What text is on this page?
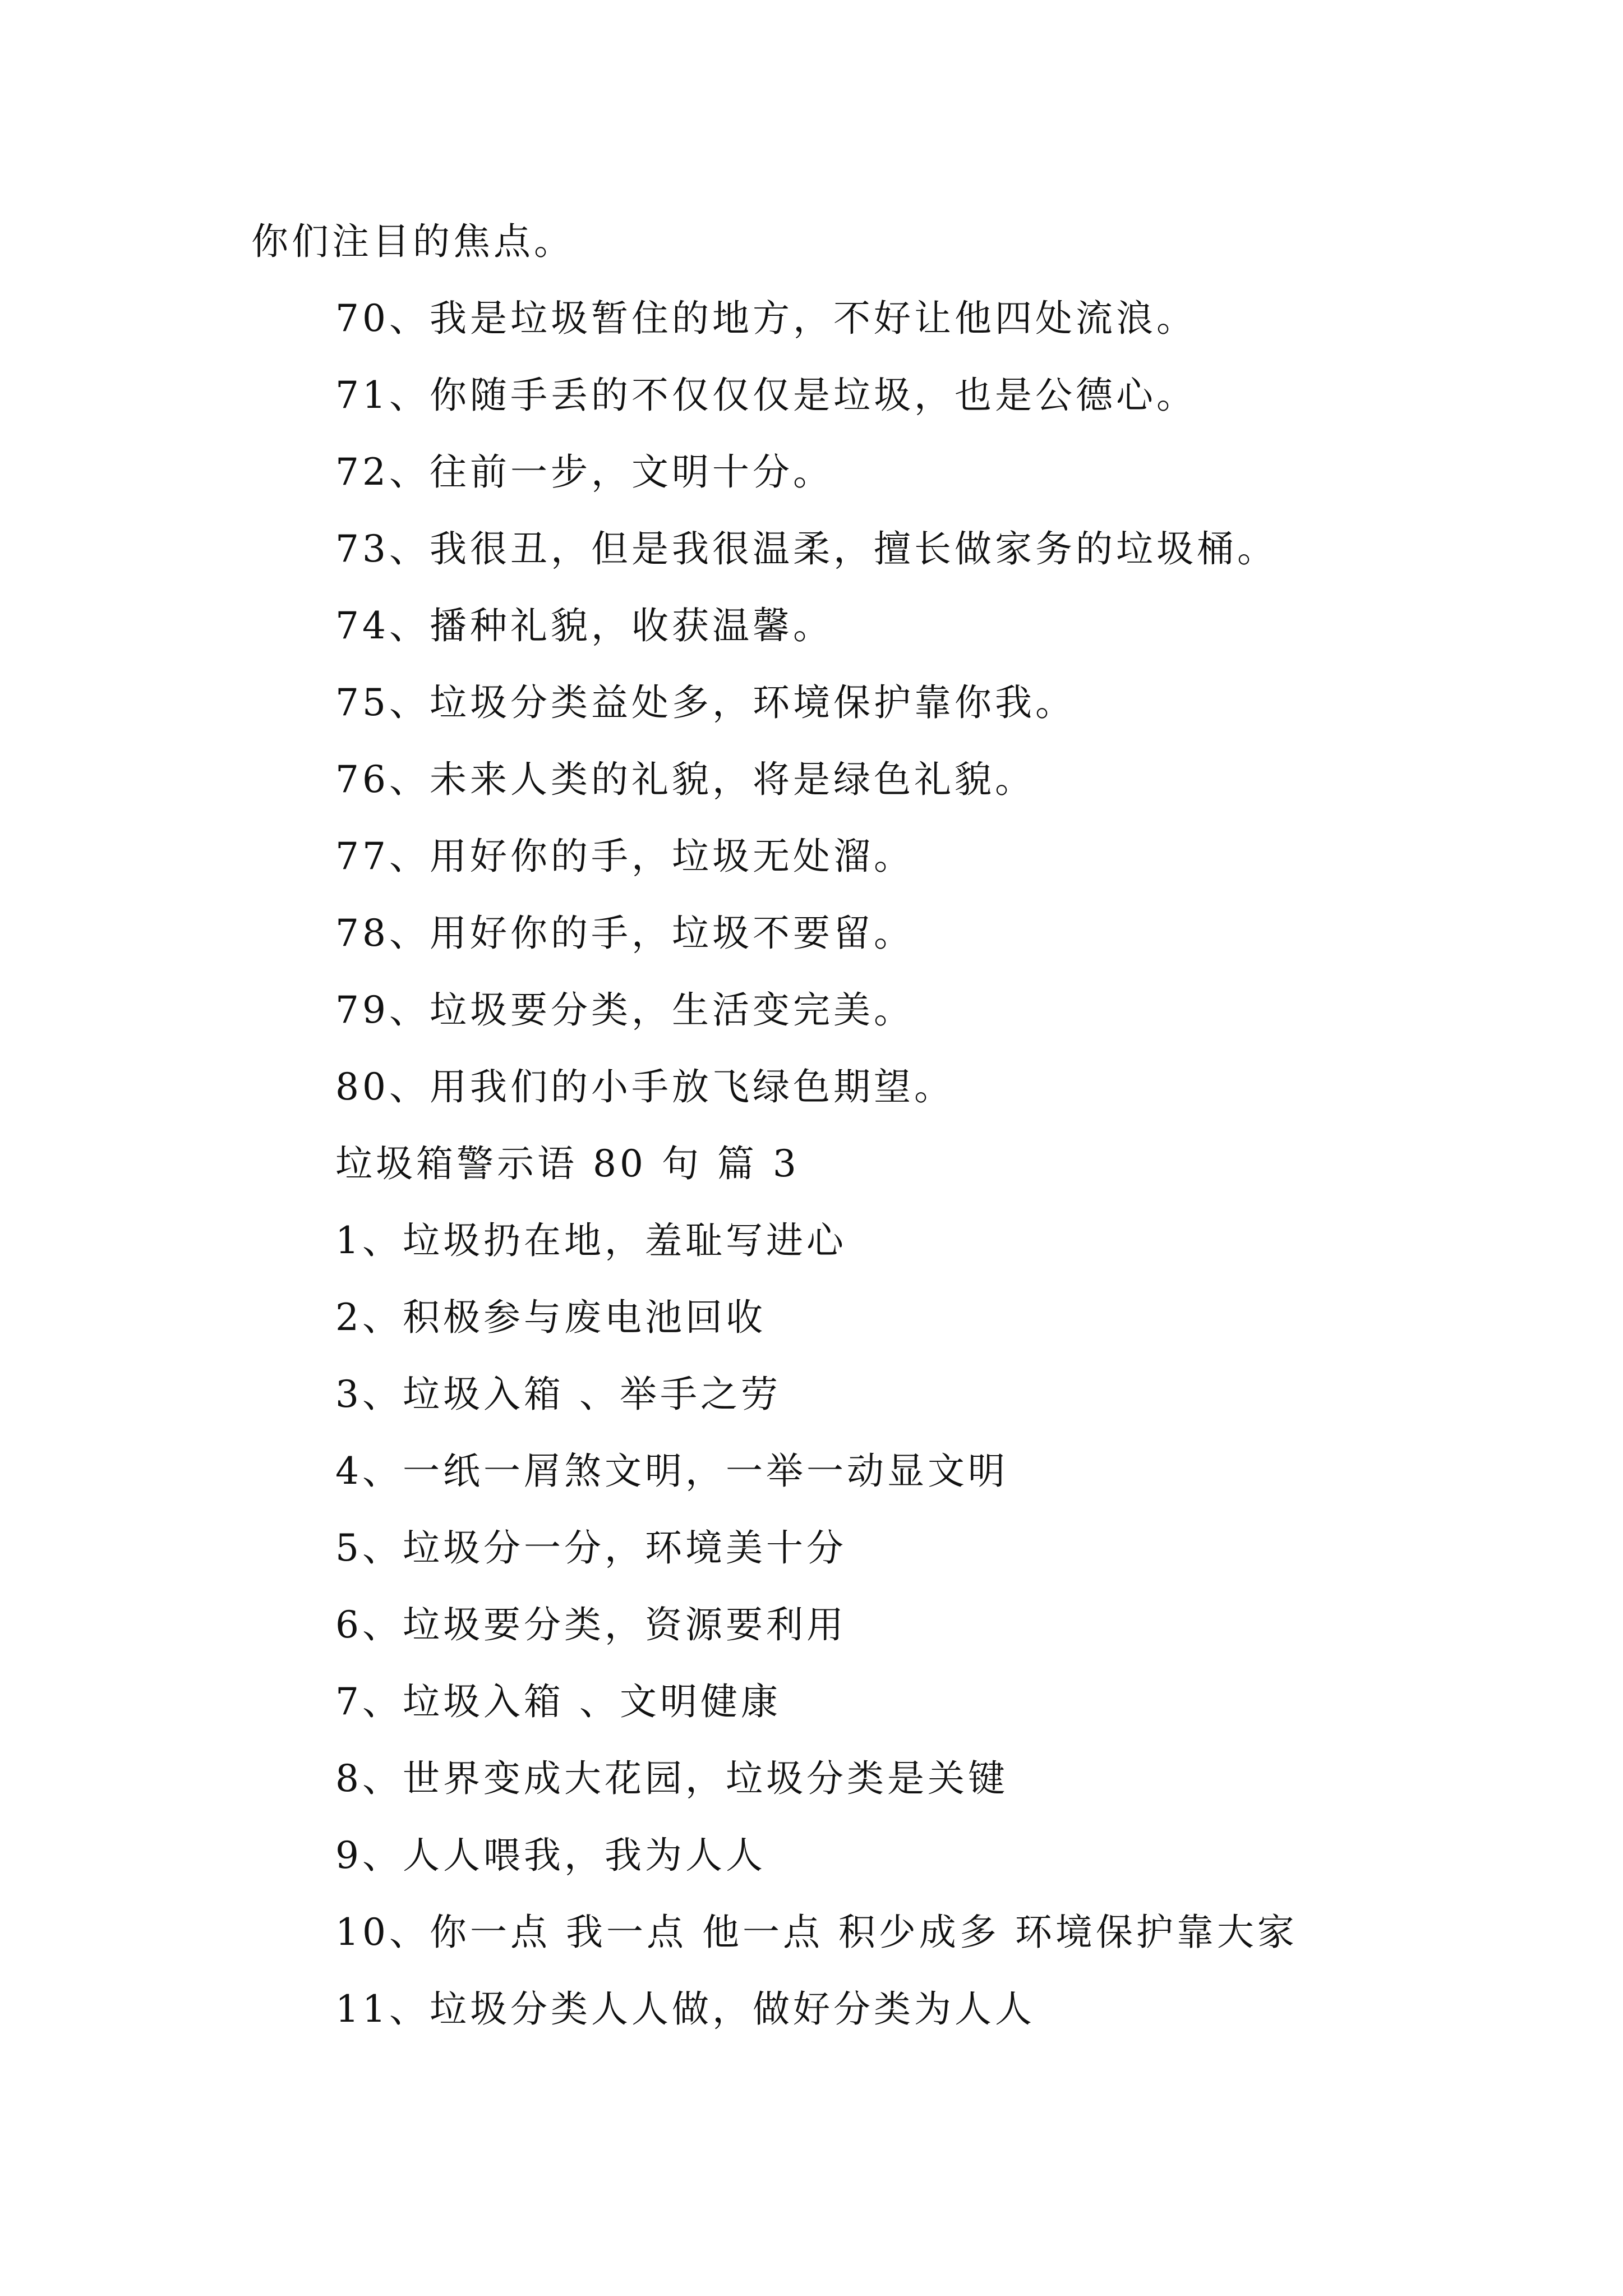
你们注目的焦点。
70、我是垃圾暂住的地方，不好让他四处流浪。
71、你随手丢的不仅仅仅是垃圾，也是公德心。
72、往前一步，文明十分。
73、我很丑，但是我很温柔，擅长做家务的垃圾桶。
74、播种礼貌，收获温馨。
75、垃圾分类益处多，环境保护靠你我。
76、未来人类的礼貌，将是绿色礼貌。
77、用好你的手，垃圾无处溜。
78、用好你的手，垃圾不要留。
79、垃圾要分类，生活变完美。
80、用我们的小手放飞绿色期望。
垃圾箱警示语 80 句 篇 3
1、垃圾扔在地，羞耻写进心
2、积极参与废电池回收
3、垃圾入箱 、举手之劳
4、一纸一屑煞文明，一举一动显文明
5、垃圾分一分，环境美十分
6、垃圾要分类，资源要利用
7、垃圾入箱 、文明健康
8、世界变成大花园，垃圾分类是关键
9、人人喂我，我为人人
10、你一点 我一点 他一点 积少成多 环境保护靠大家
11、垃圾分类人人做，做好分类为人人
